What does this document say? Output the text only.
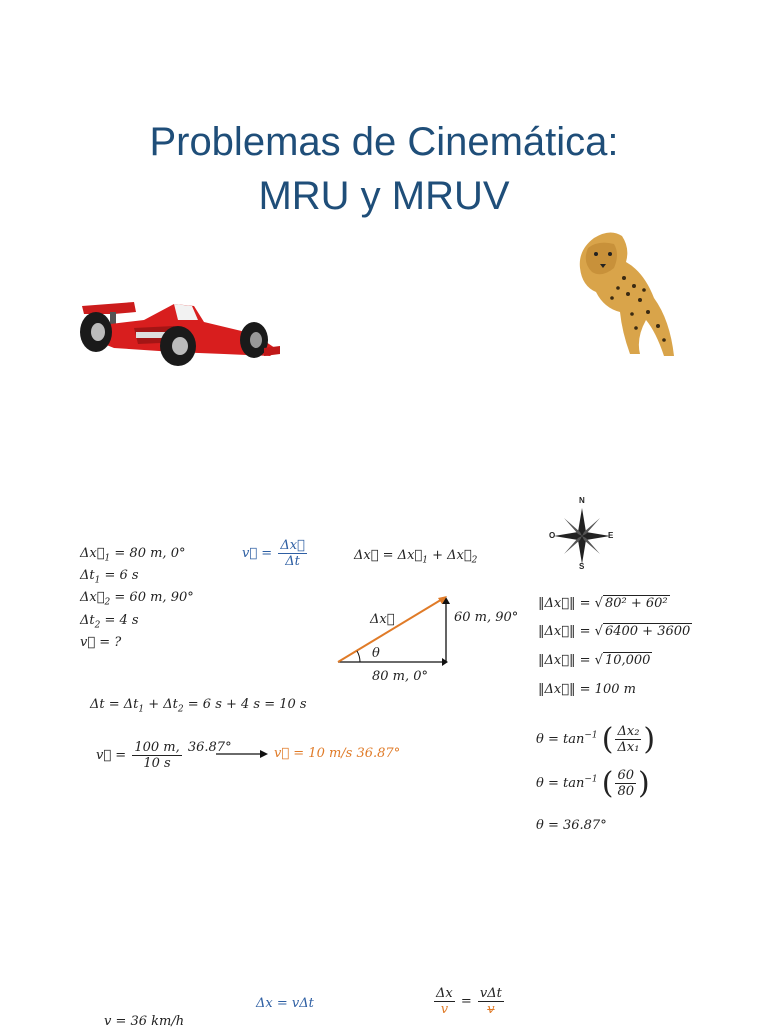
Problemas de Cinemática:
MRU y MRUV
N
S
E
O
$\Delta x⃗_1 = 80$ m, 0°
$\Delta t_1 = 6$ s
$\Delta x⃗_2 = 60$ m, 90°
$\Delta t_2 = 4$ s
v⃗ = ?
v⃗ = $\frac{\Delta x⃗}{\Delta t}$	Δx⃗ = $\Delta x⃗_1$ + $\Delta x⃗_2$
Δx⃗	60 m, 90°
θ
80 m, 0°
‖Δx⃗‖ = √ 80² + 60²
‖Δx⃗‖ = √ 6400 + 3600
‖Δx⃗‖ = √ 10,000
‖Δx⃗‖ = 100 m
$\Delta t = \Delta t_1 + \Delta t_2 = 6$ s + 4 s = 10 s
$\theta = \tan^{-1}$ ( $\frac{\text{Δx₂}}{\text{Δx₁}}$ )
$\theta = \tan^{-1}$ ( $\frac{60}{80}$ )
θ = 36.87°
v⃗ = $\frac{100 m,}{10 s} 36.87^\circ$	v⃗ = 10 m/s 36.87°
Δx = vΔt	$\frac{\Delta x}{v} = \frac{\text{vΔt}}{v}$
v = 36 km/h
